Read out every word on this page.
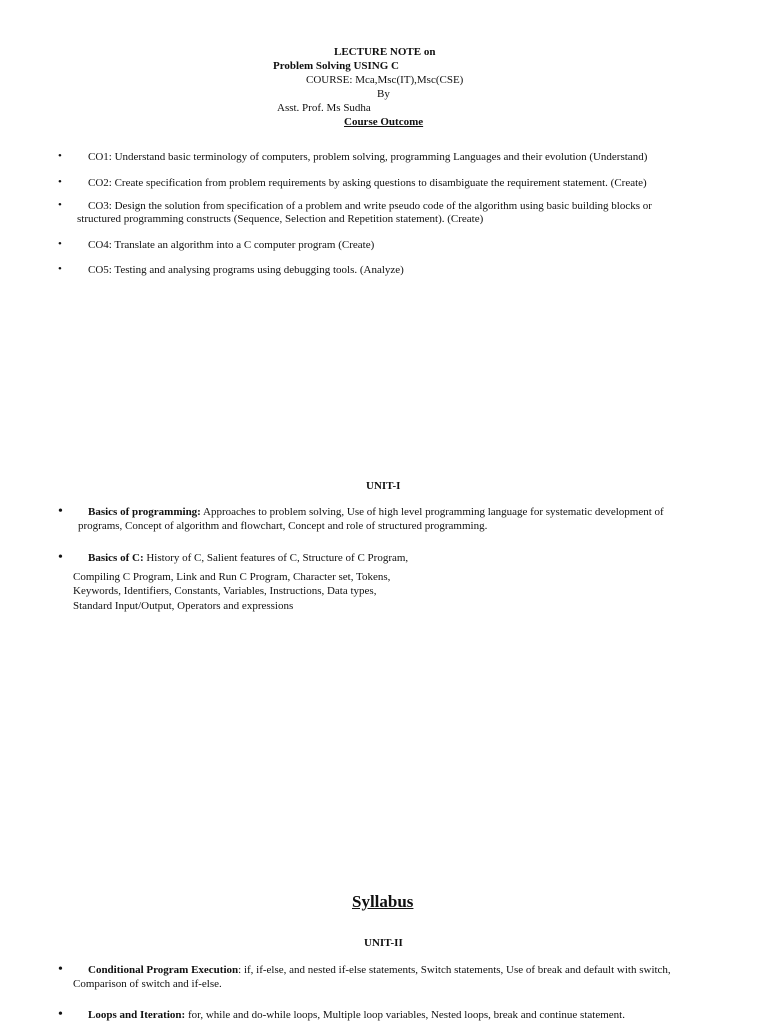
LECTURE NOTE on
Problem Solving USING C
COURSE: Mca,Msc(IT),Msc(CSE)
By
Asst. Prof. Ms Sudha
Course Outcome
• CO1: Understand basic terminology of computers, problem solving, programming Languages and their evolution (Understand)
• CO2: Create specification from problem requirements by asking questions to disambiguate the requirement statement. (Create)
• CO3: Design the solution from specification of a problem and write pseudo code of the algorithm using basic building blocks or
structured programming constructs (Sequence, Selection and Repetition statement). (Create)
• CO4: Translate an algorithm into a C computer program (Create)
• CO5: Testing and analysing programs using debugging tools. (Analyze)
UNIT-I
• Basics of programming: Approaches to problem solving, Use of high level programming language for systematic development of
programs, Concept of algorithm and flowchart, Concept and role of structured programming.
• Basics of C: History of C, Salient features of C, Structure of C Program,
Compiling C Program, Link and Run C Program, Character set, Tokens,
Keywords, Identifiers, Constants, Variables, Instructions, Data types,
Standard Input/Output, Operators and expressions
Syllabus
UNIT-II
• Conditional Program Execution: if, if-else, and nested if-else statements, Switch statements, Use of break and default with switch,
Comparison of switch and if-else.
• Loops and Iteration: for, while and do-while loops, Multiple loop variables, Nested loops, break and continue statement.
